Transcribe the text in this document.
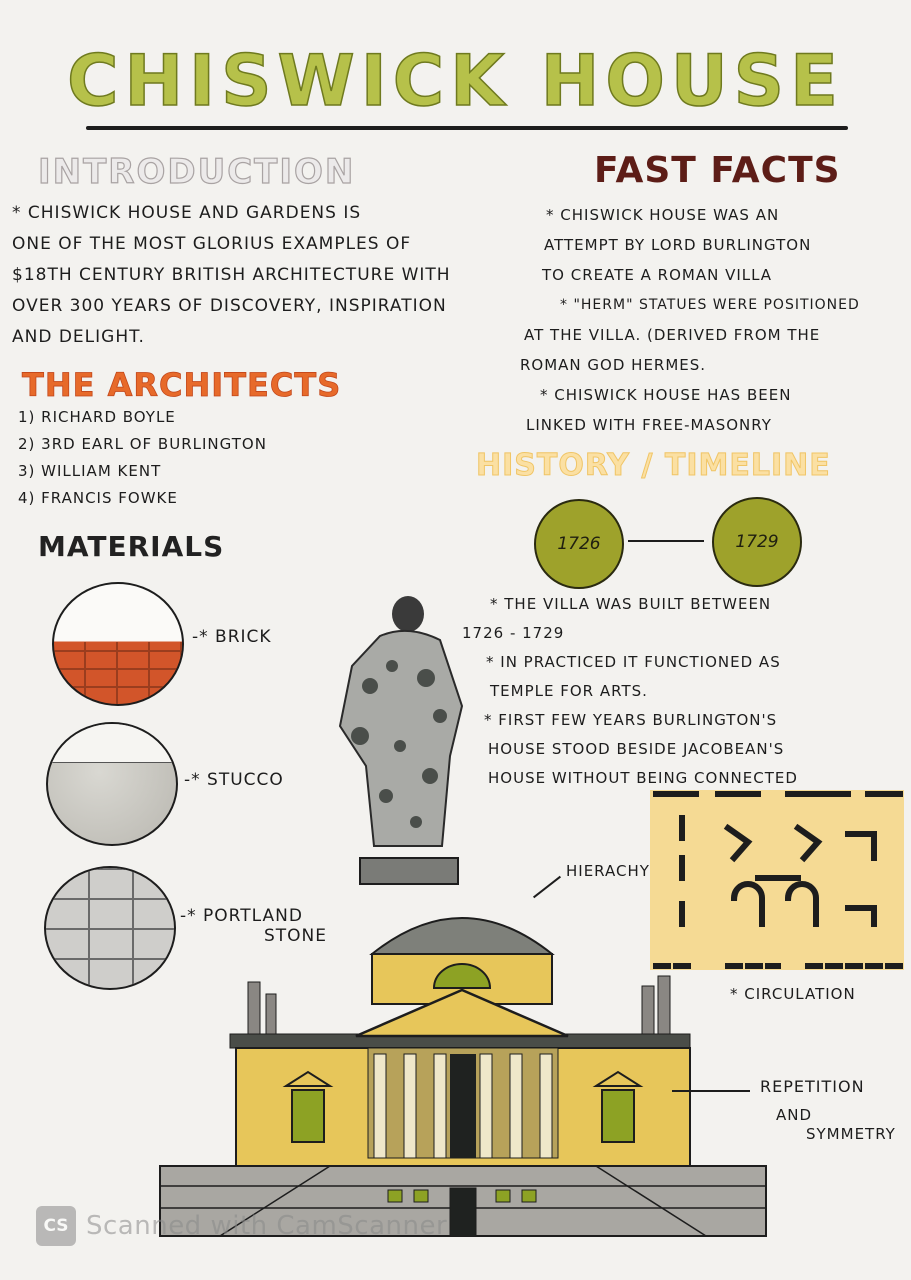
CHISWICK HOUSE
INTRODUCTION
* CHISWICK HOUSE AND GARDENS IS
ONE OF THE MOST GLORIUS EXAMPLES OF
$18TH CENTURY BRITISH ARCHITECTURE WITH
OVER 300 YEARS OF DISCOVERY, INSPIRATION
AND DELIGHT.
FAST FACTS
* CHISWICK HOUSE WAS AN
ATTEMPT BY LORD BURLINGTON
TO CREATE A ROMAN VILLA
* "HERM" STATUES WERE POSITIONED
AT THE VILLA. (DERIVED FROM THE
ROMAN GOD HERMES.
* CHISWICK HOUSE HAS BEEN
LINKED WITH FREE-MASONRY
THE ARCHITECTS
1) RICHARD BOYLE
2) 3RD EARL OF BURLINGTON
3) WILLIAM KENT
4) FRANCIS FOWKE
MATERIALS
-* BRICK
-* STUCCO
-* PORTLAND
STONE
HISTORY / TIMELINE
1726	1729
* THE VILLA WAS BUILT BETWEEN
1726 - 1729
* IN PRACTICED IT FUNCTIONED AS
TEMPLE FOR ARTS.
* FIRST FEW YEARS BURLINGTON'S
HOUSE STOOD BESIDE JACOBEAN'S
HOUSE WITHOUT BEING CONNECTED
* CIRCULATION
HIERACHY
REPETITION
AND
SYMMETRY
CS Scanned with CamScanner
